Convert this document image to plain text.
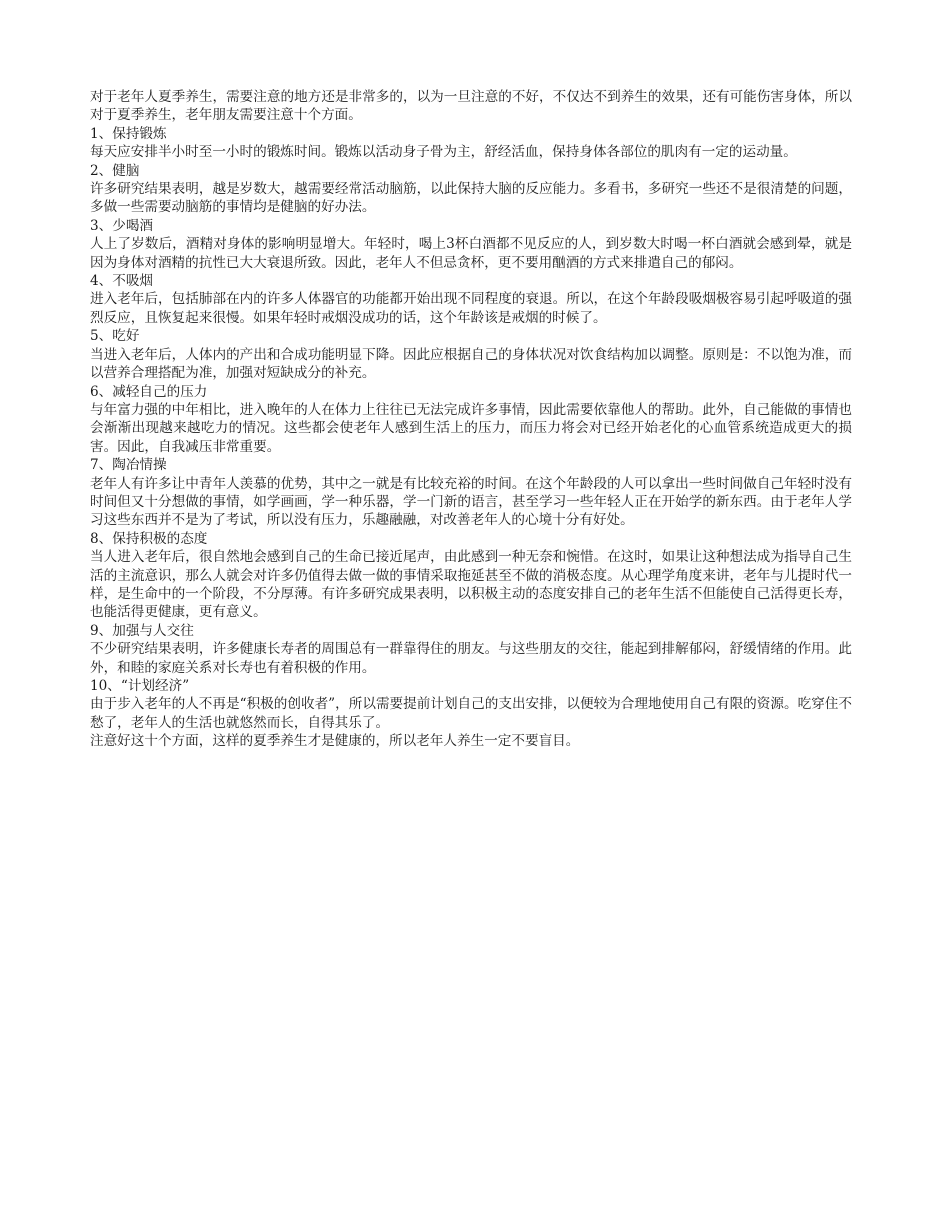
对于老年人夏季养生，需要注意的地方还是非常多的，以为一旦注意的不好，不仅达不到养生的效果，还有可能伤害身体，所以对于夏季养生，老年朋友需要注意十个方面。

1、保持锻炼

每天应安排半小时至一小时的锻炼时间。锻炼以活动身子骨为主，舒经活血，保持身体各部位的肌肉有一定的运动量。

2、健脑

许多研究结果表明，越是岁数大，越需要经常活动脑筋，以此保持大脑的反应能力。多看书，多研究一些还不是很清楚的问题，多做一些需要动脑筋的事情均是健脑的好办法。

3、少喝酒

人上了岁数后，酒精对身体的影响明显增大。年轻时，喝上3杯白酒都不见反应的人，到岁数大时喝一杯白酒就会感到晕，就是因为身体对酒精的抗性已大大衰退所致。因此，老年人不但忌贪杯，更不要用酗酒的方式来排遣自己的郁闷。

4、不吸烟

进入老年后，包括肺部在内的许多人体器官的功能都开始出现不同程度的衰退。所以，在这个年龄段吸烟极容易引起呼吸道的强烈反应，且恢复起来很慢。如果年轻时戒烟没成功的话，这个年龄该是戒烟的时候了。

5、吃好

当进入老年后，人体内的产出和合成功能明显下降。因此应根据自己的身体状况对饮食结构加以调整。原则是：不以饱为准，而以营养合理搭配为准，加强对短缺成分的补充。

6、减轻自己的压力

与年富力强的中年相比，进入晚年的人在体力上往往已无法完成许多事情，因此需要依靠他人的帮助。此外，自己能做的事情也会渐渐出现越来越吃力的情况。这些都会使老年人感到生活上的压力，而压力将会对已经开始老化的心血管系统造成更大的损害。因此，自我减压非常重要。

7、陶冶情操

老年人有许多让中青年人羡慕的优势，其中之一就是有比较充裕的时间。在这个年龄段的人可以拿出一些时间做自己年轻时没有时间但又十分想做的事情，如学画画，学一种乐器，学一门新的语言，甚至学习一些年轻人正在开始学的新东西。由于老年人学习这些东西并不是为了考试，所以没有压力，乐趣融融，对改善老年人的心境十分有好处。

8、保持积极的态度

当人进入老年后，很自然地会感到自己的生命已接近尾声，由此感到一种无奈和惋惜。在这时，如果让这种想法成为指导自己生活的主流意识，那么人就会对许多仍值得去做一做的事情采取拖延甚至不做的消极态度。从心理学角度来讲，老年与儿提时代一样，是生命中的一个阶段，不分厚薄。有许多研究成果表明，以积极主动的态度安排自己的老年生活不但能使自己活得更长寿，也能活得更健康，更有意义。

9、加强与人交往

不少研究结果表明，许多健康长寿者的周围总有一群靠得住的朋友。与这些朋友的交往，能起到排解郁闷，舒缓情绪的作用。此外，和睦的家庭关系对长寿也有着积极的作用。

10、“计划经济”

由于步入老年的人不再是“积极的创收者”，所以需要提前计划自己的支出安排，以便较为合理地使用自己有限的资源。吃穿住不愁了，老年人的生活也就悠然而长，自得其乐了。

注意好这十个方面，这样的夏季养生才是健康的，所以老年人养生一定不要盲目。
